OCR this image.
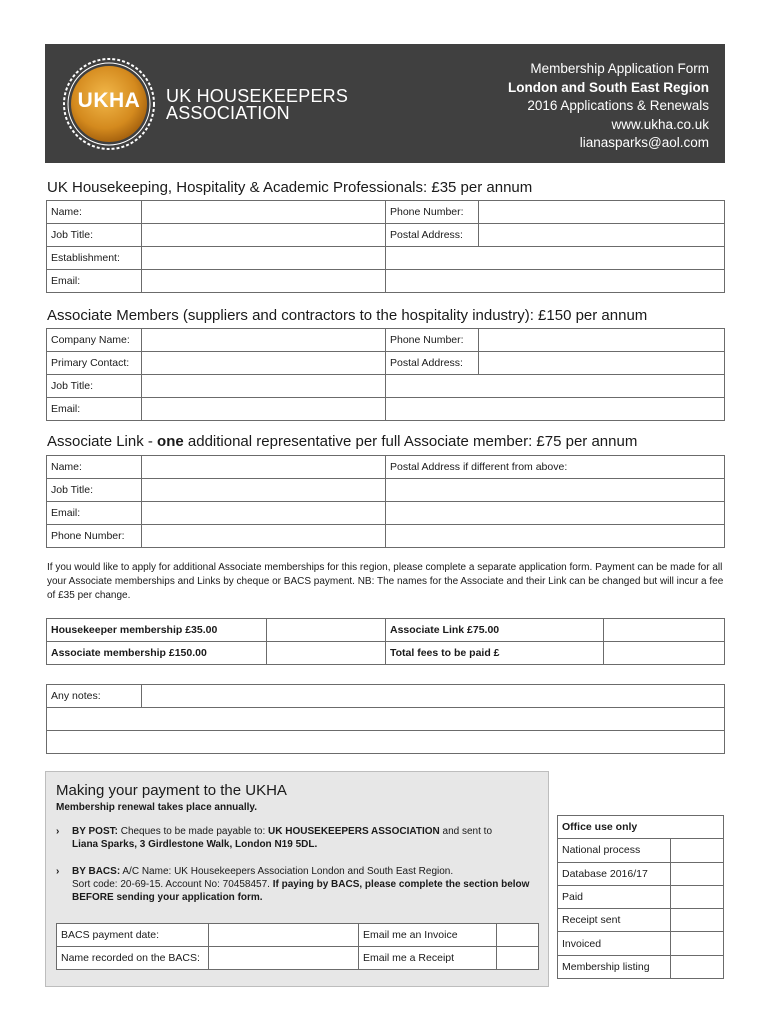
UKHA	UK HOUSEKEEPERS
ASSOCIATION
Membership Application Form
London and South East Region
2016 Applications & Renewals
www.ukha.co.uk
lianasparks@aol.com
UK Housekeeping, Hospitality & Academic Professionals: £35 per annum
Name:		Phone Number:	
Job Title:		Postal Address:	
Establishment:			
Email:			
Associate Members (suppliers and contractors to the hospitality industry): £150 per annum
Company Name:		Phone Number:	
Primary Contact:		Postal Address:	
Job Title:			
Email:			
Associate Link - one additional representative per full Associate member: £75 per annum
Name:		Postal Address if different from above:
Job Title:		
Email:		
Phone Number:		
If you would like to apply for additional Associate memberships for this region, please complete a separate application form. Payment can be made for all your Associate memberships and Links by cheque or BACS payment. NB: The names for the Associate and their Link can be changed but will incur a fee of £35 per change.
Housekeeper membership £35.00		Associate Link £75.00	
Associate membership £150.00		Total fees to be paid £	
Any notes:	

Making your payment to the UKHA
Membership renewal takes place annually.
› BY POST: Cheques to be made payable to: UK HOUSEKEEPERS ASSOCIATION and sent to
Liana Sparks, 3 Girdlestone Walk, London N19 5DL.
› BY BACS: A/C Name: UK Housekeepers Association London and South East Region.
Sort code: 20-69-15. Account No: 70458457. If paying by BACS, please complete the section below BEFORE sending your application form.
BACS payment date:		Email me an Invoice	
Name recorded on the BACS:		Email me a Receipt	
Office use only	
National process	
Database 2016/17	
Paid	
Receipt sent	
Invoiced	
Membership listing	
